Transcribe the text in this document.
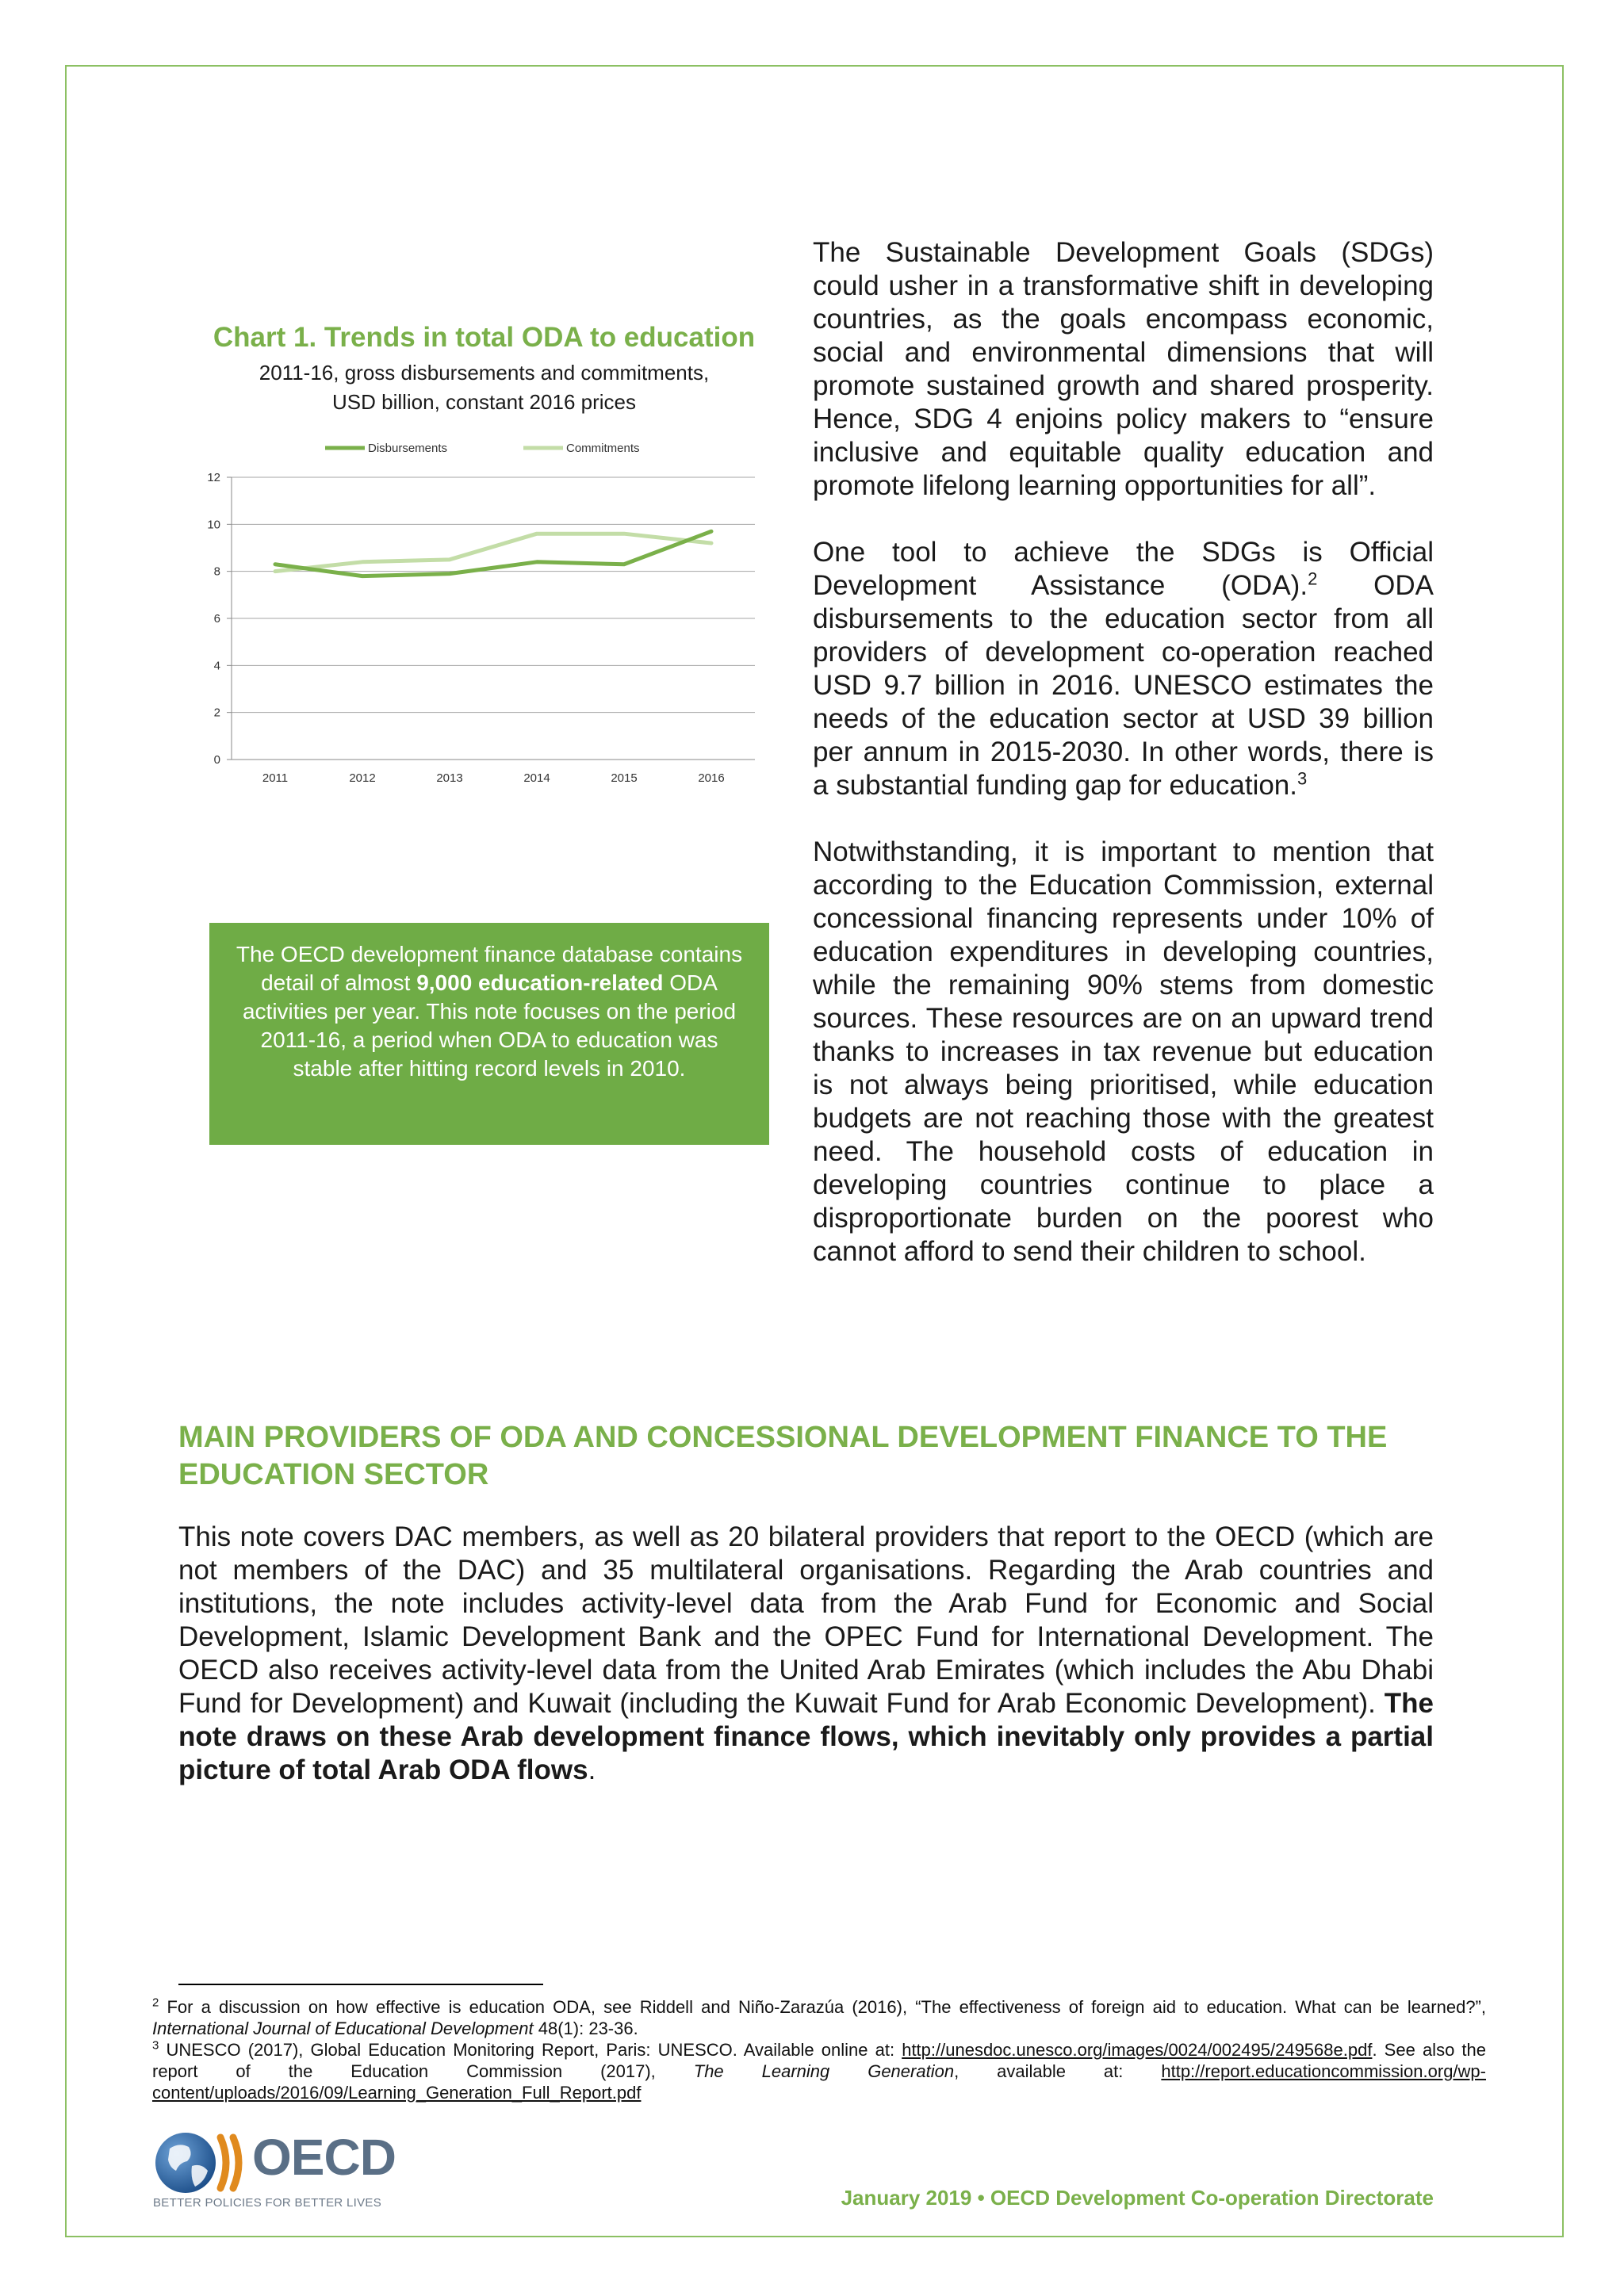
Chart 1. Trends in total ODA to education
2011-16, gross disbursements and commitments,
USD billion, constant 2016 prices
0
2
4
6
8
10
12
2011	2012	2013	2014	2015	2016
Disbursements	Commitments
The OECD development finance database contains detail of almost 9,000 education-related ODA activities per year. This note focuses on the period 2011-16, a period when ODA to education was stable after hitting record levels in 2010.

The Sustainable Development Goals (SDGs) could usher in a transformative shift in developing countries, as the goals encompass economic, social and environmental dimensions that will promote sustained growth and shared prosperity. Hence, SDG 4 enjoins policy makers to “ensure inclusive and equitable quality education and promote lifelong learning opportunities for all”.

One tool to achieve the SDGs is Official Development Assistance (ODA).$^2$ ODA disbursements to the education sector from all providers of development co-operation reached USD 9.7 billion in 2016. UNESCO estimates the needs of the education sector at USD 39 billion per annum in 2015-2030. In other words, there is a substantial funding gap for education.$^3$

Notwithstanding, it is important to mention that according to the Education Commission, external concessional financing represents under 10% of education expenditures in developing countries, while the remaining 90% stems from domestic sources. These resources are on an upward trend thanks to increases in tax revenue but education is not always being prioritised, while education budgets are not reaching those with the greatest need. The household costs of education in developing countries continue to place a disproportionate burden on the poorest who cannot afford to send their children to school.

MAIN PROVIDERS OF ODA AND CONCESSIONAL DEVELOPMENT FINANCE TO THE EDUCATION SECTOR
This note covers DAC members, as well as 20 bilateral providers that report to the OECD (which are not members of the DAC) and 35 multilateral organisations. Regarding the Arab countries and institutions, the note includes activity-level data from the Arab Fund for Economic and Social Development, Islamic Development Bank and the OPEC Fund for International Development. The OECD also receives activity-level data from the United Arab Emirates (which includes the Abu Dhabi Fund for Development) and Kuwait (including the Kuwait Fund for Arab Economic Development). The note draws on these Arab development finance flows, which inevitably only provides a partial picture of total Arab ODA flows.

$^2$ For a discussion on how effective is education ODA, see Riddell and Niño-Zarazúa (2016), “The effectiveness of foreign aid to education. What can be learned?”, International Journal of Educational Development 48(1): 23-36.

$^3$ UNESCO (2017), Global Education Monitoring Report, Paris: UNESCO. Available online at: http://unesdoc.unesco.org/images/0024/002495/249568e.pdf. See also the report of the Education Commission (2017), The Learning Generation, available at: http://report.educationcommission.org/wp-content/uploads/2016/09/Learning_Generation_Full_Report.pdf

OECD
BETTER POLICIES FOR BETTER LIVES	January 2019 • OECD Development Co-operation Directorate
